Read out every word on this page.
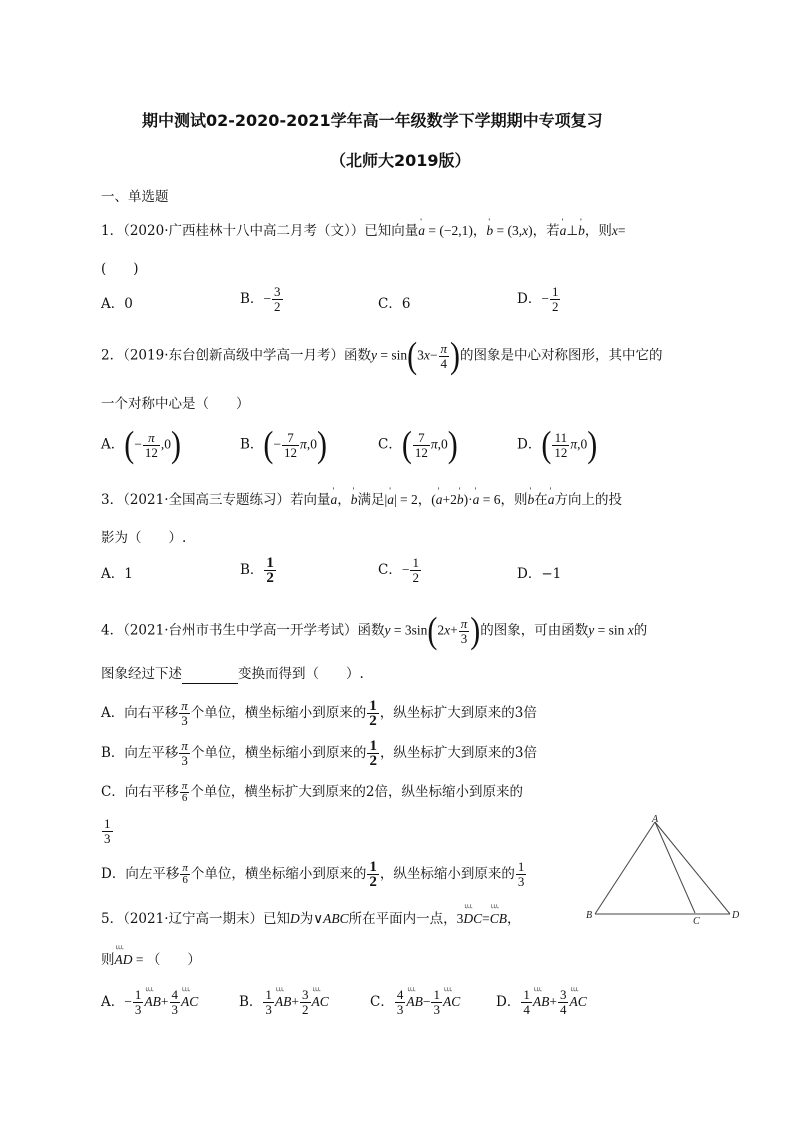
期中测试02-2020-2021学年高一年级数学下学期期中专项复习
（北师大2019版）
一、单选题
1．（2020·广西桂林十八中高二月考（文））已知向量' a = (−2,1)，' b = (3,x)，若' a⊥' b，则x=
(　　)
A．0	B．− $\frac{3}{2}$	C．6	D．− $\frac{1}{2}$
2．（2019·东台创新高级中学高一月考）函数$y = \sin(3x- \frac{\pi}{4}$ )的图象是中心对称图形，其中它的
一个对称中心是（　　）
A．(− $\frac{\pi}{12} ,0$)	B．(− $\frac{7}{12} \pi,0$)	C．( $\frac{7}{12} \pi,0$)	D．( $\frac{11}{12} \pi,0$)
3．（2021·全国高三专题练习）若向量' a，' b满足|' a| = 2，(' a+2' b)·' a = 6，则' b在' a方向上的投
影为（　　）.
A．1	B． $\frac{1}{2}$	C．− $\frac{1}{2}$	D．−1
4．（2021·台州市书生中学高一开学考试）函数$y = 3\sin(2x+ \frac{\pi}{3}$ )的图象，可由函数y = sin x的
图象经过下述	变换而得到（　　）.
A．向右平移 $\frac{\pi}{3}$ 个单位，横坐标缩小到原来的 $\frac{1}{2}$ ，纵坐标扩大到原来的3倍
B．向左平移 $\frac{\pi}{3}$ 个单位，横坐标缩小到原来的 $\frac{1}{2}$ ，纵坐标扩大到原来的3倍
C．向右平移 $\frac{\pi}{6}$ 个单位，横坐标扩大到原来的2倍，纵坐标缩小到原来的
$\frac{1}{3}$
D．向左平移 $\frac{\pi}{6}$ 个单位，横坐标缩小到原来的 $\frac{1}{2}$ ，纵坐标缩小到原来的 $\frac{1}{3}$
5．（2021·辽宁高一期末）已知D为∨ABC所在平面内一点，3╰╰╰ DC=╰╰╰ CB，
则╰╰╰ AD = （　　）
A．− $\frac{1}{3}$ ╰╰╰ $AB+ \frac{4}{3}$ ╰╰╰ AC	B． $\frac{1}{3}$ ╰╰╰ $AB+ \frac{3}{2}$ ╰╰╰ AC	C． $\frac{4}{3}$ ╰╰╰ $AB- \frac{1}{3}$ ╰╰╰ AC	D． $\frac{1}{4}$ ╰╰╰ $AB+ \frac{3}{4}$ ╰╰╰ AC
A
B
C
D
